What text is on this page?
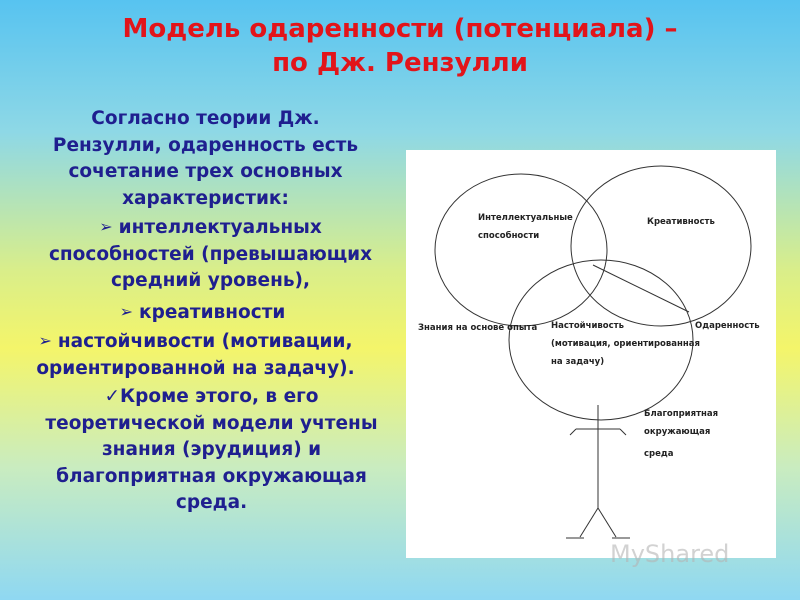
Модель одаренности (потенциала) –
по Дж. Рензулли
Согласно теории Дж. Рензулли, одаренность есть сочетание трех основных характеристик:
➢ интеллектуальных способностей (превышающих средний уровень),
➢ креативности
➢ настойчивости (мотивации, ориентированной на задачу).
✓Кроме этого, в его теоретической модели учтены знания (эрудиция) и благоприятная окружающая среда.
Интеллектуальные
способности
Креативность
Одаренность
Знания на основе опыта Настойчивость
(мотивация, ориентированная
на задачу)
Благоприятная
окружающая
среда
MyShared
